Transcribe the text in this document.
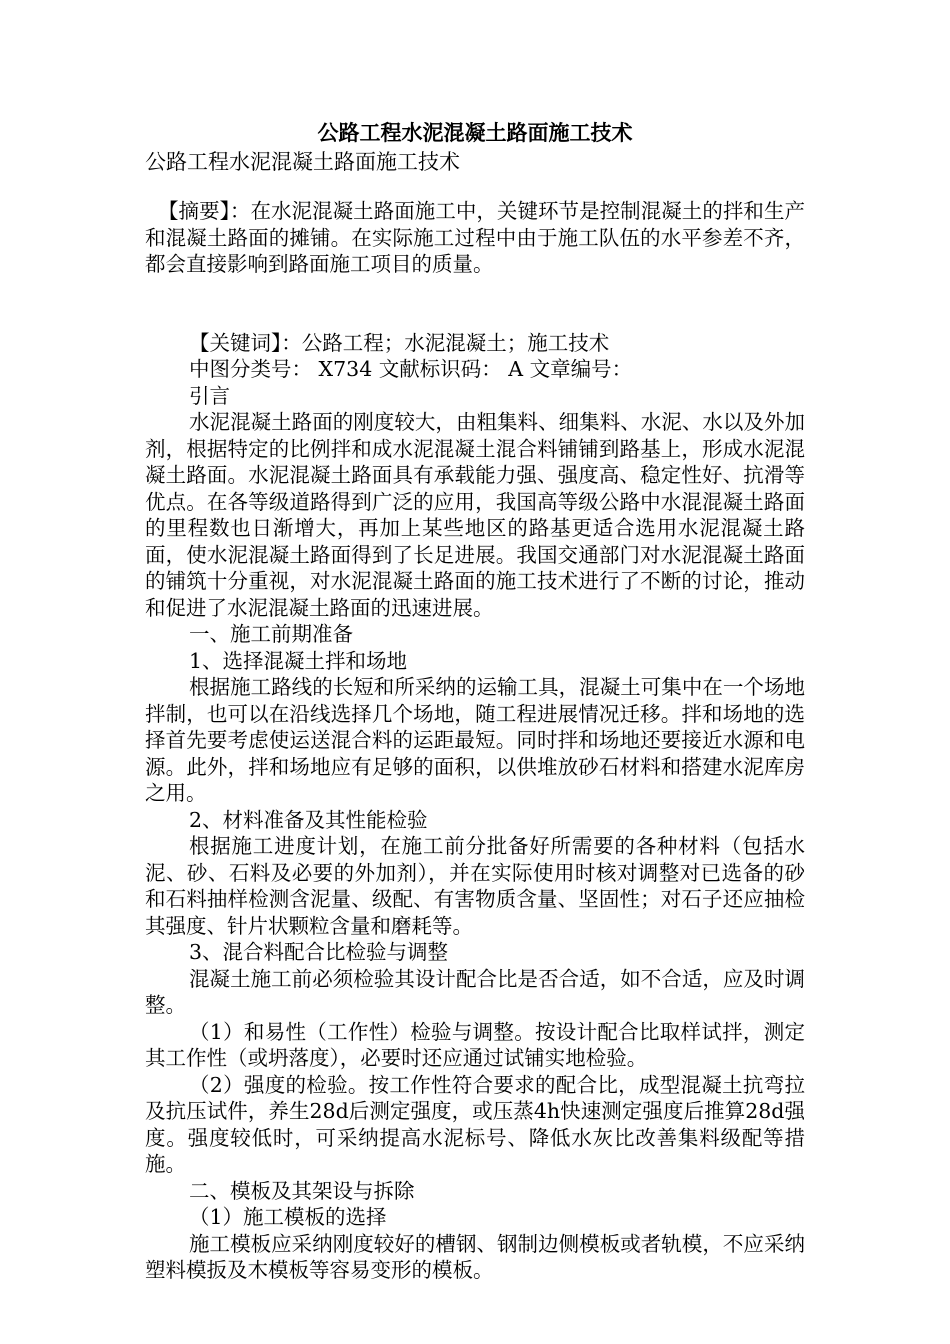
公路工程水泥混凝土路面施工技术

公路工程水泥混凝土路面施工技术

【摘要】：在水泥混凝土路面施工中，关键环节是控制混凝土的拌和生产和混凝土路面的摊铺。在实际施工过程中由于施工队伍的水平参差不齐，都会直接影响到路面施工项目的质量。

【关键词】：公路工程；水泥混凝土；施工技术

中图分类号： X734 文献标识码： A 文章编号：

引言

水泥混凝土路面的刚度较大，由粗集料、细集料、水泥、水以及外加剂，根据特定的比例拌和成水泥混凝土混合料铺铺到路基上，形成水泥混凝土路面。水泥混凝土路面具有承载能力强、强度高、稳定性好、抗滑等优点。在各等级道路得到广泛的应用，我国高等级公路中水混混凝土路面的里程数也日渐增大，再加上某些地区的路基更适合选用水泥混凝土路面，使水泥混凝土路面得到了长足进展。我国交通部门对水泥混凝土路面的铺筑十分重视，对水泥混凝土路面的施工技术进行了不断的讨论，推动和促进了水泥混凝土路面的迅速进展。

一、施工前期准备

1、选择混凝土拌和场地

根据施工路线的长短和所采纳的运输工具，混凝土可集中在一个场地拌制，也可以在沿线选择几个场地，随工程进展情况迁移。拌和场地的选择首先要考虑使运送混合料的运距最短。同时拌和场地还要接近水源和电源。此外，拌和场地应有足够的面积，以供堆放砂石材料和搭建水泥库房之用。

2、材料准备及其性能检验

根据施工进度计划，在施工前分批备好所需要的各种材料（包括水泥、砂、石料及必要的外加剂），并在实际使用时核对调整对已选备的砂和石料抽样检测含泥量、级配、有害物质含量、坚固性；对石子还应抽检其强度、针片状颗粒含量和磨耗等。

3、混合料配合比检验与调整

混凝土施工前必须检验其设计配合比是否合适，如不合适，应及时调整。

（1）和易性（工作性）检验与调整。按设计配合比取样试拌，测定其工作性（或坍落度），必要时还应通过试铺实地检验。

（2）强度的检验。按工作性符合要求的配合比，成型混凝土抗弯拉及抗压试件，养生28d后测定强度，或压蒸4h快速测定强度后推算28d强度。强度较低时，可采纳提高水泥标号、降低水灰比改善集料级配等措施。

二、模板及其架设与拆除

（1）施工模板的选择

施工模板应采纳刚度较好的槽钢、钢制边侧模板或者轨模，不应采纳塑料模扳及木模板等容易变形的模板。
